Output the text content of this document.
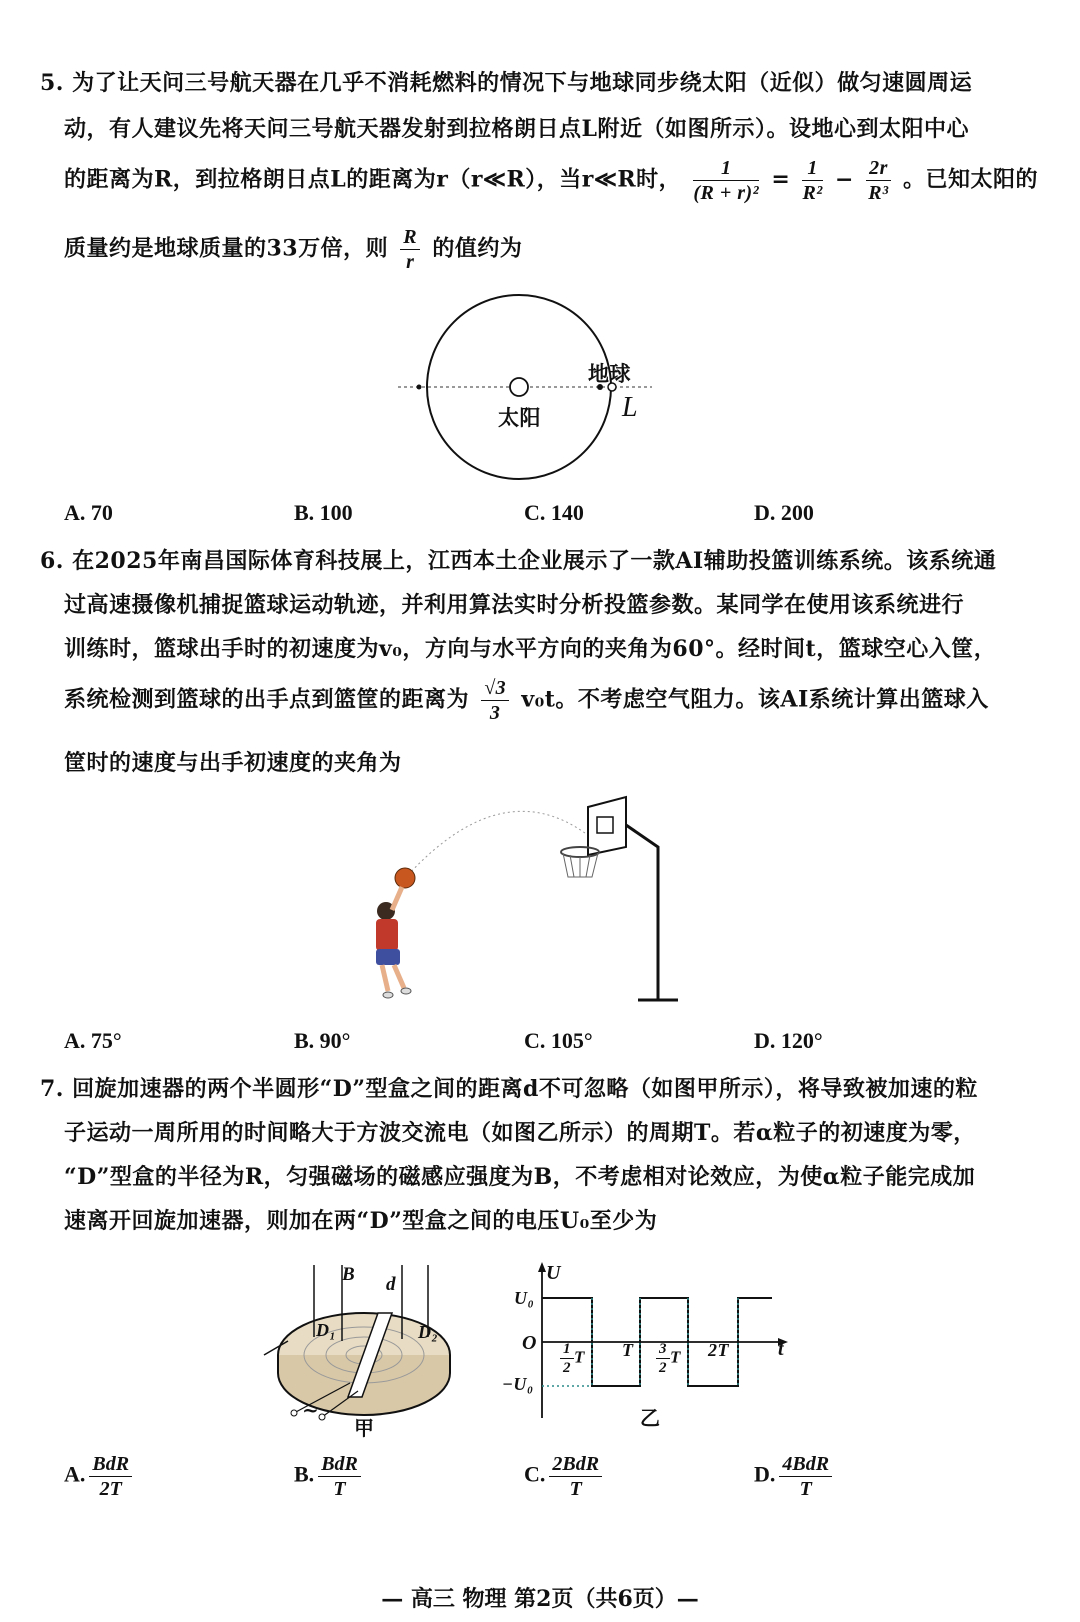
5. 为了让天问三号航天器在几乎不消耗燃料的情况下与地球同步绕太阳（近似）做匀速圆周运
动，有人建议先将天问三号航天器发射到拉格朗日点L附近（如图所示）。设地心到太阳中心
的距离为R，到拉格朗日点L的距离为r（r≪R），当r≪R时， $\frac{1}{\text{(R + r)²}} = \frac{1}{\text{R²}} - \frac{2r}{\text{R³}}$ 。已知太阳的
质量约是地球质量的33万倍，则 $\frac{R}{r}$ 的值约为
地球
太阳	L
A. 70	B. 100	C. 140	D. 200
6. 在2025年南昌国际体育科技展上，江西本土企业展示了一款AI辅助投篮训练系统。该系统通
过高速摄像机捕捉篮球运动轨迹，并利用算法实时分析投篮参数。某同学在使用该系统进行
训练时，篮球出手时的初速度为v₀，方向与水平方向的夹角为60°。经时间t，篮球空心入筐，
系统检测到篮球的出手点到篮筐的距离为 $\frac{√3}{3} v_0t$。不考虑空气阻力。该AI系统计算出篮球入
筐时的速度与出手初速度的夹角为
A. 75°	B. 90°	C. 105°	D. 120°
7. 回旋加速器的两个半圆形“D”型盒之间的距离d不可忽略（如图甲所示），将导致被加速的粒
子运动一周所用的时间略大于方波交流电（如图乙所示）的周期T。若α粒子的初速度为零，
“D”型盒的半径为R，匀强磁场的磁感应强度为B，不考虑相对论效应，为使α粒子能完成加
速离开回旋加速器，则加在两“D”型盒之间的电压U₀至少为
B d
D₁	D₂
~
甲
U
U₀
O
−U₀
t
$\frac{1}{2}$ T T $\frac{3}{2}$ T 2T
乙
A. $\frac{\text{BdR}}{2T}$	B. $\frac{\text{BdR}}{T}$	C. $\frac{\text{2BdR}}{T}$	D. $\frac{\text{4BdR}}{T}$
— 高三 物理 第2页（共6页）—
